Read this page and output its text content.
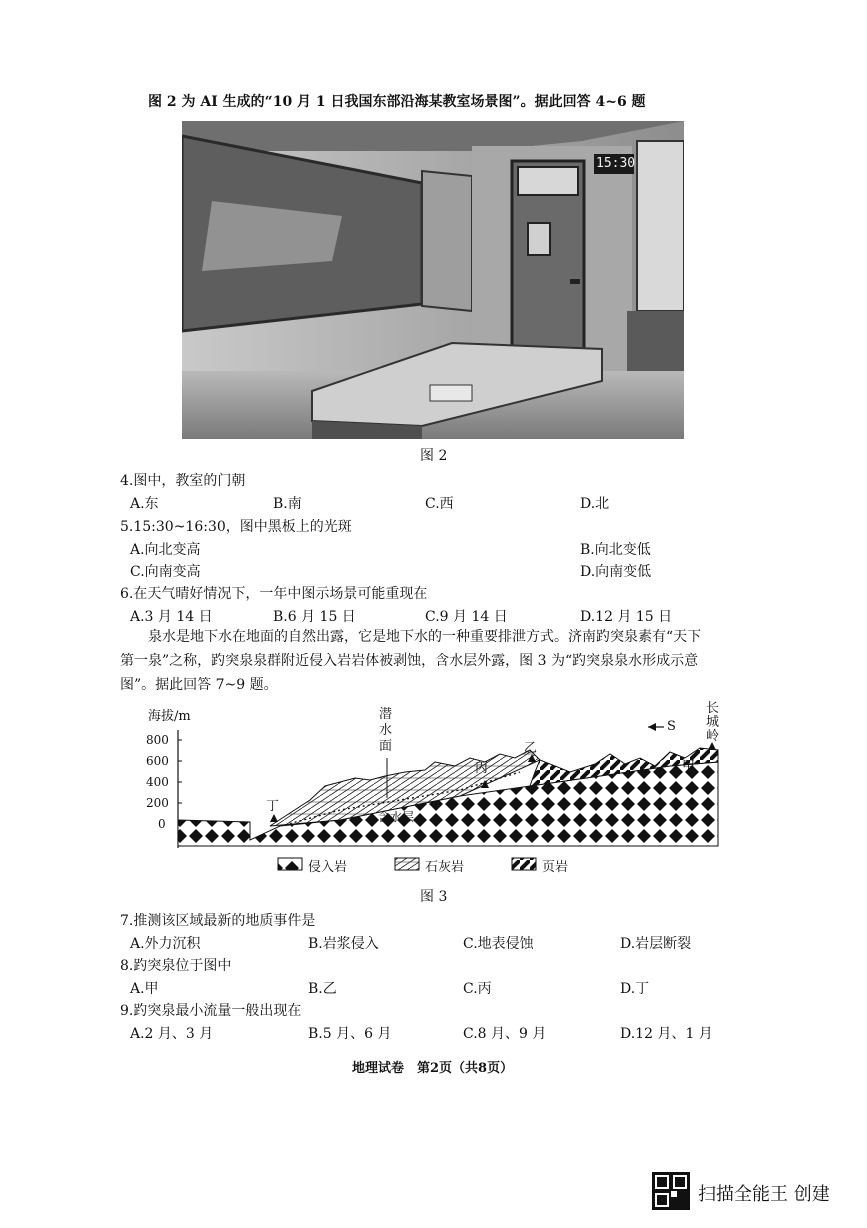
图 2 为 AI 生成的“10 月 1 日我国东部沿海某教室场景图”。据此回答 4~6 题
15:30
图 2
4.图中，教室的门朝
A.东	B.南	C.西	D.北
5.15:30~16:30，图中黑板上的光斑
A.向北变高	B.向北变低
C.向南变高	D.向南变低
6.在天气晴好情况下，一年中图示场景可能重现在
A.3 月 14 日	B.6 月 15 日	C.9 月 14 日	D.12 月 15 日
泉水是地下水在地面的自然出露，它是地下水的一种重要排泄方式。济南趵突泉素有“天下
第一泉”之称，趵突泉泉群附近侵入岩岩体被剥蚀，含水层外露，图 3 为“趵突泉泉水形成示意
图”。据此回答 7~9 题。
海拔/m
800
600
400
200
0
潜
水
面
丁
丙
乙
甲
含水层
长
城
岭
S
侵入岩	石灰岩	页岩
图 3
7.推测该区域最新的地质事件是
A.外力沉积	B.岩浆侵入	C.地表侵蚀	D.岩层断裂
8.趵突泉位于图中
A.甲	B.乙	C.丙	D.丁
9.趵突泉最小流量一般出现在
A.2 月、3 月	B.5 月、6 月	C.8 月、9 月	D.12 月、1 月
地理试卷　第2页（共8页）
扫描全能王 创建
